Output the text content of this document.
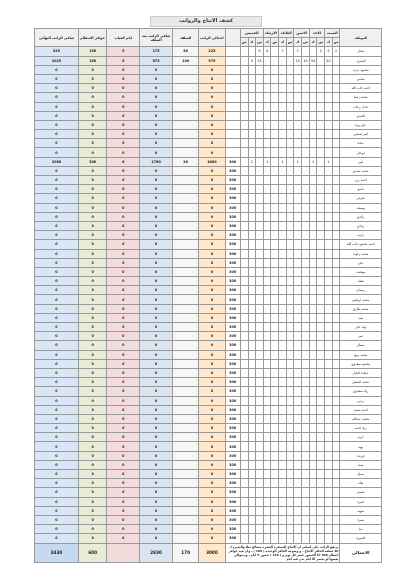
كشف الانتاج والرواتب
الموظف	السبت		الاحد		الاثنين		الثلاثاء		الاربعاء		الخميس				اجمالي الراتب	السلف	صافي الراتب بعد السلف	ايام الغياب	حوافز الانتظام	صافي الراتب النهائي
	س	ك	س	ك	س	ك	س	ك	س	ك	س	ك	س							
مختار	2	5	2			1		7		4	9				225	50	175	5	150	325
الشرف		20		50	10	10					15	5			975	100	875	5	150	1025
محمود عزت															0		0	0	0	0
سامي															0		0	0	0	0
احمد جاب الله															0		0	0	0	0
محمد زغط															0		0	0	0	0
عادل بركات															0		0	0	0	0
الفندي															0		0	0	0	0
علي وزة															0		0	0	0	0
امير شيشي															0		0	0	0	0
عبادة															0		0	0	0	0
ابوجان															0		0	0	0	0
امير		1		1		1		1		1		1		300	1800	20	1780	6	300	2080
محمد مجدي														300	0		0	0	0	0
احمد زين														300	0		0	0	0	0
ياسو														300	0		0	0	0	0
طرفي														300	0		0	0	0	0
يوسف														300	0		0	0	0	0
ركادي														300	0		0	0	0	0
زيادي														300	0		0	0	0	0
زكرية														300	0		0	0	0	0
احمد محمود جاب الله														300	0		0	0	0	0
محمد زكونه														300	0		0	0	0	0
علي														300	0		0	0	0	0
موقعت														300	0		0	0	0	0
قطة														300	0		0	0	0	0
رمضان														300	0		0	0	0	0
محمد ابراهيم														300	0		0	0	0	0
محمد طارق														300	0		0	0	0	0
سيد														300	0		0	0	0	0
وليد جابر														300	0		0	0	0	0
عمر														300	0		0	0	0	0
سطار														300	0		0	0	0	0
محمد ربيع														300	0		0	0	0	0
محمود سعدوي														300	0		0	0	0	0
حمادة النجار														300	0		0	0	0	0
محمد الصغير														300	0		0	0	0	0
زياد سعدوي														300	0		0	0	0	0
برعي														300	0		0	0	0	0
احمد سعيد														300	0		0	0	0	0
محمد عبدالله														300	0		0	0	0	0
زياد احمد														300	0		0	0	0	0
كريم														300	0		0	0	0	0
نهيه														300	0		0	0	0	0
فريدة														300	0		0	0	0	0
سما														300	0		0	0	0	0
صباح														300	0		0	0	0	0
ملك														300	0		0	0	0	0
نشمي														300	0		0	0	0	0
اميرة														300	0		0	0	0	0
شهيد														300	0		0	0	0	0
بسرا														300	0		0	0	0	0
دنيا														300	0		0	0	0	0
السورة														300	0		0	0	0	0
الاجمالي	يرتفع الراتب على اساس ان الانتاج للشيفرة العشرة مسالح مثلا والشيرة لـ 10 قطعة الحافز الانتاج ، و وضوعة الحافز الوحيدة ( 100 ) ، وان فيه حوافز انتظام 300 اذا الحضور حضر كل يوم و ( 150 ) حضور 5 ايام ، ودمتوالي بعضها لو يحضر الا ايام بدن فيه ايام														3000	170	2830		600	3430
